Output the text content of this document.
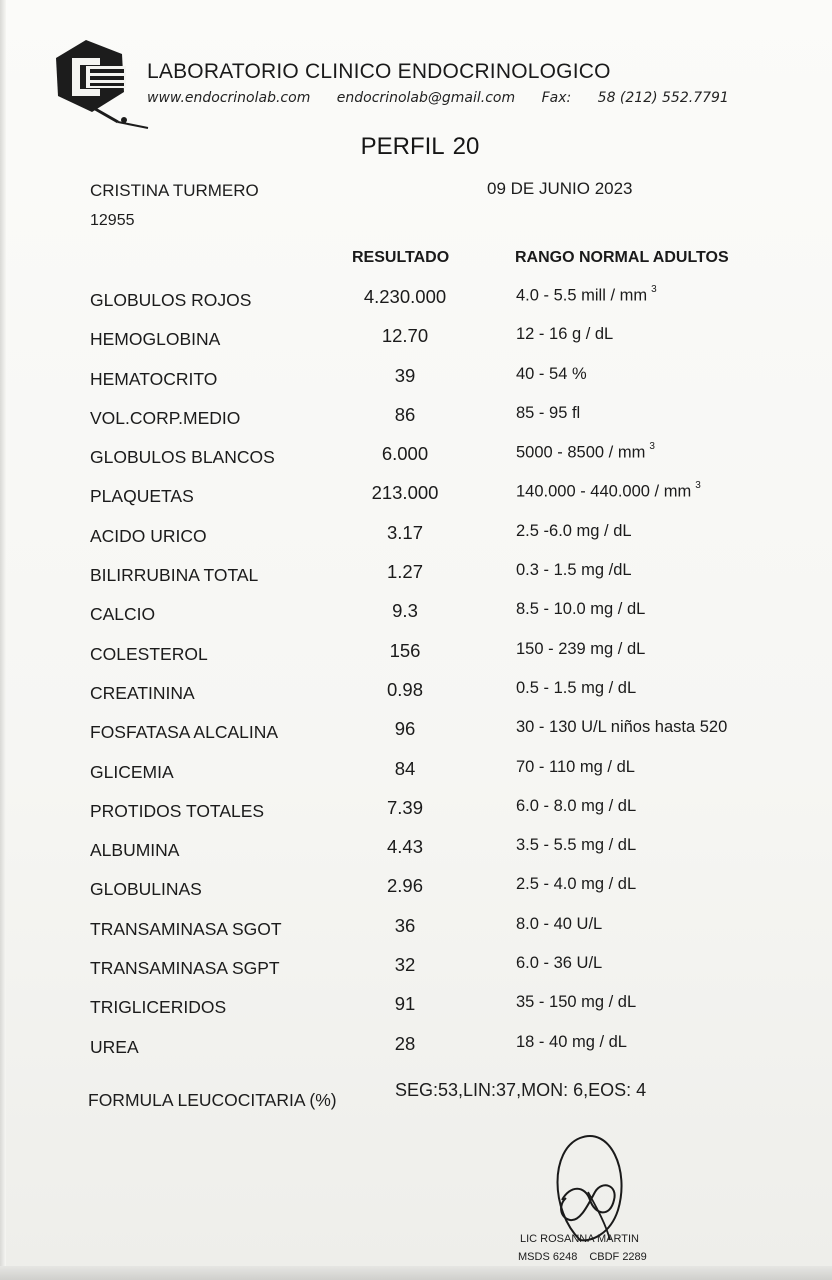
LABORATORIO CLINICO ENDOCRINOLOGICO
www.endocrinolab.com endocrinolab@gmail.com Fax: 58 (212) 552.7791
PERFIL 20
CRISTINA TURMERO
12955
09 DE JUNIO 2023
RESULTADO	RANGO NORMAL ADULTOS
GLOBULOS ROJOS	4.230.000	4.0 - 5.5 mill / mm $^3$
HEMOGLOBINA	12.70	12 - 16 g / dL
HEMATOCRITO	39	40 - 54 %
VOL.CORP.MEDIO	86	85 - 95 fl
GLOBULOS BLANCOS	6.000	5000 - 8500 / mm $^3$
PLAQUETAS	213.000	140.000 - 440.000 / mm $^3$
ACIDO URICO	3.17	2.5 -6.0 mg / dL
BILIRRUBINA TOTAL	1.27	0.3 - 1.5 mg /dL
CALCIO	9.3	8.5 - 10.0 mg / dL
COLESTEROL	156	150 - 239 mg / dL
CREATININA	0.98	0.5 - 1.5 mg / dL
FOSFATASA ALCALINA	96	30 - 130 U/L niños hasta 520
GLICEMIA	84	70 - 110 mg / dL
PROTIDOS TOTALES	7.39	6.0 - 8.0 mg / dL
ALBUMINA	4.43	3.5 - 5.5 mg / dL
GLOBULINAS	2.96	2.5 - 4.0 mg / dL
TRANSAMINASA SGOT	36	8.0 - 40 U/L
TRANSAMINASA SGPT	32	6.0 - 36 U/L
TRIGLICERIDOS	91	35 - 150 mg / dL
UREA	28	18 - 40 mg / dL
FORMULA LEUCOCITARIA (%)	SEG:53,LIN:37,MON: 6,EOS: 4
LIC ROSANNA MARTIN
MSDS 6248 CBDF 2289
